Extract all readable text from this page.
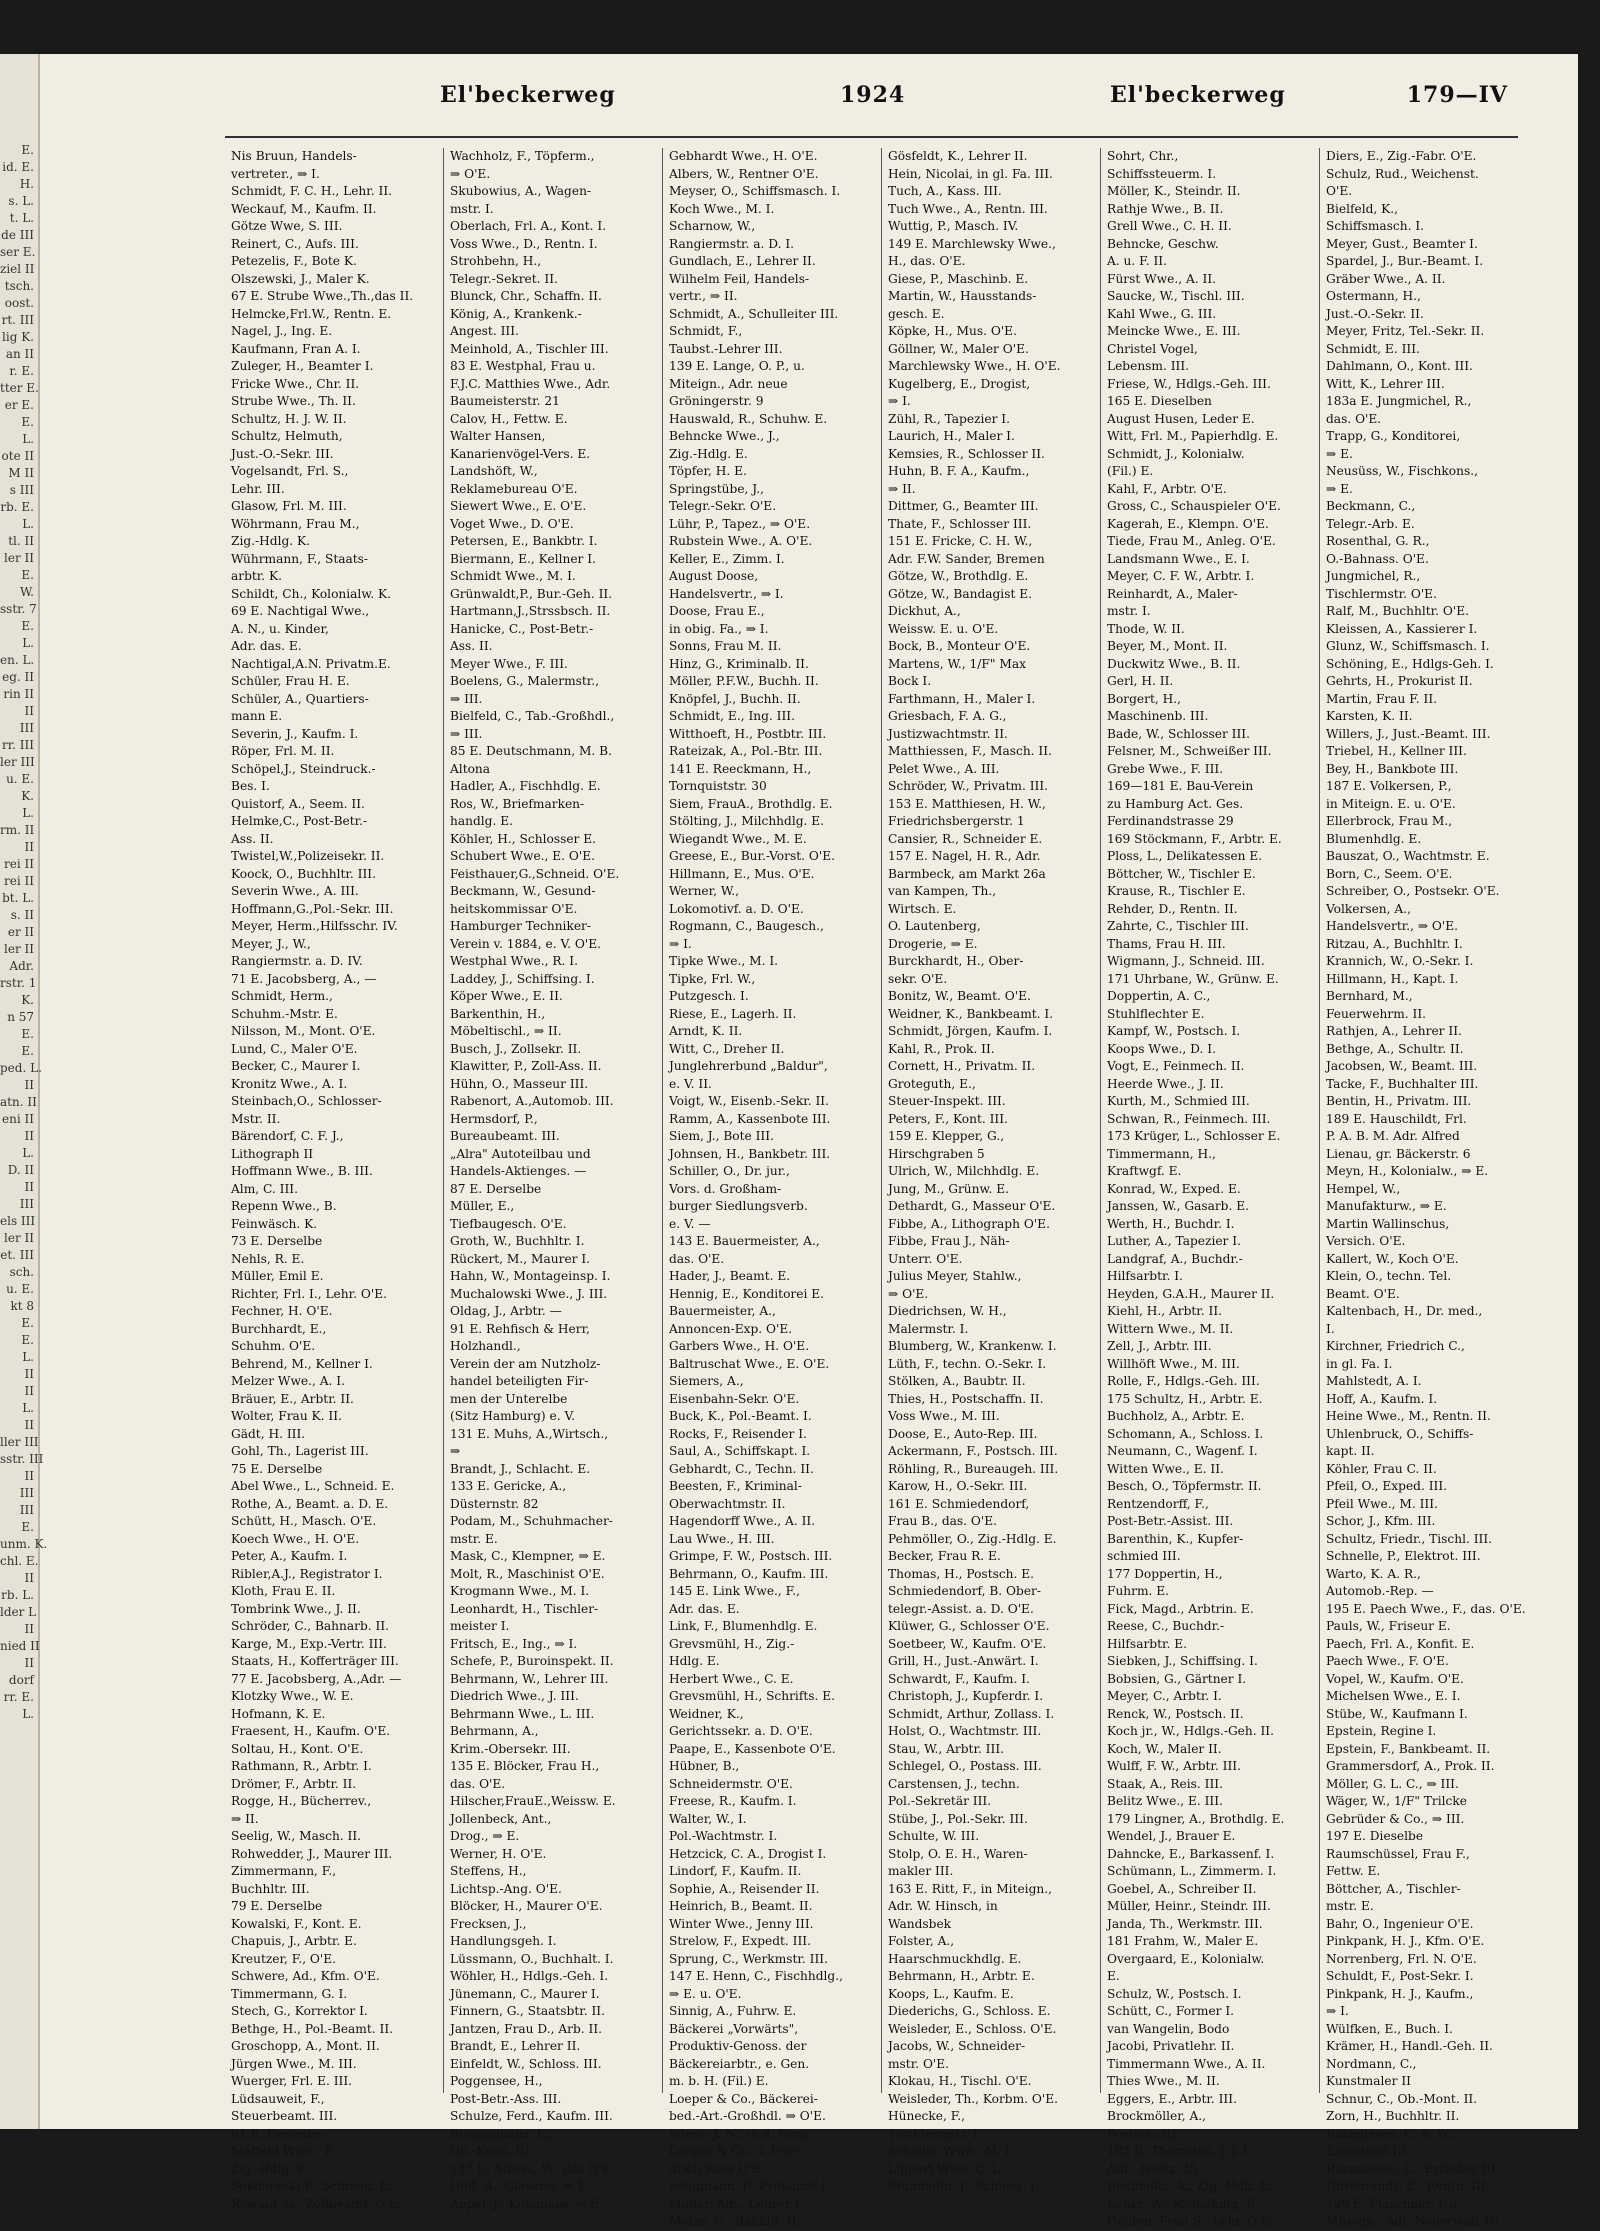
E.
id. E.
H.
s. L.
t. L.
de III
ser E.
ziel II
tsch.
oost.
rt. III
lig K.
an II
r. E.
tter E.
er E.
E.
L.
ote II
M II
s III
rb. E.
L.
tl. II
ler II
E.
W.
sstr. 7
E.
L.
en. L.
eg. II
rin II
II
III
rr. III
ler III
u. E.
K.
L.
rm. II
II
rei II
rei II
bt. L.
s. II
er II
ler II
Adr.
rstr. 1
K.
n 57
E.
E.
ped. L.
II
atn. II
eni II
II
L.
D. II
II
III
els III
ler II
et. III
sch.
u. E.
kt 8
E.
E.
L.
II
II
L.
II
ller III
sstr. III
II
III
III
E.
unm. K.
chl. E.
II
rb. L.
lder L
II
nied II
II
dorf
rr. E.
L.
El'beckerweg	1924	El'beckerweg	179—IV
Nis Bruun, Handels-
vertreter., ⇒ I.
Schmidt, F. C. H., Lehr. II.
Weckauf, M., Kaufm. II.
Götze Wwe, S. III.
Reinert, C., Aufs. III.
Petezelis, F., Bote K.
Olszewski, J., Maler K.
67 E. Strube Wwe.,Th.,das II.
Helmcke,Frl.W., Rentn. E.
Nagel, J., Ing. E.
Kaufmann, Fran A. I.
Zuleger, H., Beamter I.
Fricke Wwe., Chr. II.
Strube Wwe., Th. II.
Schultz, H. J. W. II.
Schultz, Helmuth,
Just.-O.-Sekr. III.
Vogelsandt, Frl. S.,
Lehr. III.
Glasow, Frl. M. III.
Wöhrmann, Frau M.,
Zig.-Hdlg. K.
Wührmann, F., Staats-
arbtr. K.
Schildt, Ch., Kolonialw. K.
69 E. Nachtigal Wwe.,
A. N., u. Kinder,
Adr. das. E.
Nachtigal,A.N. Privatm.E.
Schüler, Frau H. E.
Schüler, A., Quartiers-
mann E.
Severin, J., Kaufm. I.
Röper, Frl. M. II.
Schöpel,J., Steindruck.-
Bes. I.
Quistorf, A., Seem. II.
Helmke,C., Post-Betr.-
Ass. II.
Twistel,W.,Polizeisekr. II.
Koock, O., Buchhltr. III.
Severin Wwe., A. III.
Hoffmann,G.,Pol.-Sekr. III.
Meyer, Herm.,Hilfsschr. IV.
Meyer, J., W.,
Rangiermstr. a. D. IV.
71 E. Jacobsberg, A., —
Schmidt, Herm.,
Schuhm.-Mstr. E.
Nilsson, M., Mont. O'E.
Lund, C., Maler O'E.
Becker, C., Maurer I.
Kronitz Wwe., A. I.
Steinbach,O., Schlosser-
Mstr. II.
Bärendorf, C. F. J.,
Lithograph II
Hoffmann Wwe., B. III.
Alm, C. III.
Repenn Wwe., B.
Feinwäsch. K.
73 E. Derselbe
Nehls, R. E.
Müller, Emil E.
Richter, Frl. I., Lehr. O'E.
Fechner, H. O'E.
Burchhardt, E.,
Schuhm. O'E.
Behrend, M., Kellner I.
Melzer Wwe., A. I.
Bräuer, E., Arbtr. II.
Wolter, Frau K. II.
Gädt, H. III.
Gohl, Th., Lagerist III.
75 E. Derselbe
Abel Wwe., L., Schneid. E.
Rothe, A., Beamt. a. D. E.
Schütt, H., Masch. O'E.
Koech Wwe., H. O'E.
Peter, A., Kaufm. I.
Ribler,A.J., Registrator I.
Kloth, Frau E. II.
Tombrink Wwe., J. II.
Schröder, C., Bahnarb. II.
Karge, M., Exp.-Vertr. III.
Staats, H., Kofferträger III.
77 E. Jacobsberg, A.,Adr. —
Klotzky Wwe., W. E.
Hofmann, K. E.
Fraesent, H., Kaufm. O'E.
Soltau, H., Kont. O'E.
Rathmann, R., Arbtr. I.
Drömer, F., Arbtr. II.
Rogge, H., Bücherrev.,
⇒ II.
Seelig, W., Masch. II.
Rohwedder, J., Maurer III.
Zimmermann, F.,
Buchhltr. III.
79 E. Derselbe
Kowalski, F., Kont. E.
Chapuis, J., Arbtr. E.
Kreutzer, F., O'E.
Schwere, Ad., Kfm. O'E.
Timmermann, G. I.
Stech, G., Korrektor I.
Bethge, H., Pol.-Beamt. II.
Groschopp, A., Mont. II.
Jürgen Wwe., M. III.
Wuerger, Frl. E. III.
Lüdsauweit, F.,
Steuerbeamt. III.
81 E. Derselbe
Staffeld Wwe., F.,
Zig.-Hdlg. E.
Sokolowski,P., Schneid. E.
Rewald, G., Zollbeamt. O'E.
Wachholz, F., Töpferm.,
⇒ O'E.
Skubowius, A., Wagen-
mstr. I.
Oberlach, Frl. A., Kont. I.
Voss Wwe., D., Rentn. I.
Strohbehn, H.,
Telegr.-Sekret. II.
Blunck, Chr., Schaffn. II.
König, A., Krankenk.-
Angest. III.
Meinhold, A., Tischler III.
83 E. Westphal, Frau u.
F.J.C. Matthies Wwe., Adr.
Baumeisterstr. 21
Calov, H., Fettw. E.
Walter Hansen,
Kanarienvögel-Vers. E.
Landshöft, W.,
Reklamebureau O'E.
Siewert Wwe., E. O'E.
Voget Wwe., D. O'E.
Petersen, E., Bankbtr. I.
Biermann, E., Kellner I.
Schmidt Wwe., M. I.
Grünwaldt,P., Bur.-Geh. II.
Hartmann,J.,Strssbsch. II.
Hanicke, C., Post-Betr.-
Ass. II.
Meyer Wwe., F. III.
Boelens, G., Malermstr.,
⇒ III.
Bielfeld, C., Tab.-Großhdl.,
⇒ III.
85 E. Deutschmann, M. B.
Altona
Hadler, A., Fischhdlg. E.
Ros, W., Briefmarken-
handlg. E.
Köhler, H., Schlosser E.
Schubert Wwe., E. O'E.
Feisthauer,G.,Schneid. O'E.
Beckmann, W., Gesund-
heitskommissar O'E.
Hamburger Techniker-
Verein v. 1884, e. V. O'E.
Westphal Wwe., R. I.
Laddey, J., Schiffsing. I.
Köper Wwe., E. II.
Barkenthin, H.,
Möbeltischl., ⇒ II.
Busch, J., Zollsekr. II.
Klawitter, P., Zoll-Ass. II.
Hühn, O., Masseur III.
Rabenort, A.,Automob. III.
Hermsdorf, P.,
Bureaubeamt. III.
„Alra" Autoteilbau und
Handels-Aktienges. —
87 E. Derselbe
Müller, E.,
Tiefbaugesch. O'E.
Groth, W., Buchhltr. I.
Rückert, M., Maurer I.
Hahn, W., Montageinsp. I.
Muchalowski Wwe., J. III.
Oldag, J., Arbtr. —
91 E. Rehfisch & Herr,
Holzhandl.,
Verein der am Nutzholz-
handel beteiligten Fir-
men der Unterelbe
(Sitz Hamburg) e. V.
131 E. Muhs, A.,Wirtsch.,
⇒
Brandt, J., Schlacht. E.
133 E. Gericke, A.,
Düsternstr. 82
Podam, M., Schuhmacher-
mstr. E.
Mask, C., Klempner, ⇒ E.
Molt, R., Maschinist O'E.
Krogmann Wwe., M. I.
Leonhardt, H., Tischler-
meister I.
Fritsch, E., Ing., ⇒ I.
Schefe, P., Buroinspekt. II.
Behrmann, W., Lehrer III.
Diedrich Wwe., J. III.
Behrmann Wwe., L. III.
Behrmann, A.,
Krim.-Obersekr. III.
135 E. Blöcker, Frau H.,
das. O'E.
Hilscher,FrauE.,Weissw. E.
Jollenbeck, Ant.,
Drog., ⇒ E.
Werner, H. O'E.
Steffens, H.,
Lichtsp.-Ang. O'E.
Blöcker, H., Maurer O'E.
Frecksen, J.,
Handlungsgeh. I.
Lüssmann, O., Buchhalt. I.
Wöhler, H., Hdlgs.-Geh. I.
Jünemann, C., Maurer I.
Finnern, G., Staatsbtr. II.
Jantzen, Frau D., Arb. II.
Brandt, E., Lehrer II.
Einfeldt, W., Schloss. III.
Poggensee, H.,
Post-Betr.-Ass. III.
Schulze, Ferd., Kaufm. III.
Brüninghaus, L.,
Ob.-Kelln. III.
137 E. Albers, W., das O'E.
Hoff, A., Glaserei, ⇒ E.
Appel, J., Kolonialw. ⇒ E.
Gebhardt Wwe., H. O'E.
Albers, W., Rentner O'E.
Meyser, O., Schiffsmasch. I.
Koch Wwe., M. I.
Scharnow, W.,
Rangiermstr. a. D. I.
Gundlach, E., Lehrer II.
Wilhelm Feil, Handels-
vertr., ⇒ II.
Schmidt, A., Schulleiter III.
Schmidt, F.,
Taubst.-Lehrer III.
139 E. Lange, O. P., u.
Miteign., Adr. neue
Gröningerstr. 9
Hauswald, R., Schuhw. E.
Behncke Wwe., J.,
Zig.-Hdlg. E.
Töpfer, H. E.
Springstübe, J.,
Telegr.-Sekr. O'E.
Lühr, P., Tapez., ⇒ O'E.
Rubstein Wwe., A. O'E.
Keller, E., Zimm. I.
August Doose,
Handelsvertr., ⇒ I.
Doose, Frau E.,
in obig. Fa., ⇒ I.
Sonns, Frau M. II.
Hinz, G., Kriminalb. II.
Möller, P.F.W., Buchh. II.
Knöpfel, J., Buchh. II.
Schmidt, E., Ing. III.
Witthoeft, H., Postbtr. III.
Rateizak, A., Pol.-Btr. III.
141 E. Reeckmann, H.,
Tornquiststr. 30
Siem, FrauA., Brothdlg. E.
Stölting, J., Milchhdlg. E.
Wiegandt Wwe., M. E.
Greese, E., Bur.-Vorst. O'E.
Hillmann, E., Mus. O'E.
Werner, W.,
Lokomotivf. a. D. O'E.
Rogmann, C., Baugesch.,
⇒ I.
Tipke Wwe., M. I.
Tipke, Frl. W.,
Putzgesch. I.
Riese, E., Lagerh. II.
Arndt, K. II.
Witt, C., Dreher II.
Junglehrerbund „Baldur",
e. V. II.
Voigt, W., Eisenb.-Sekr. II.
Ramm, A., Kassenbote III.
Siem, J., Bote III.
Johnsen, H., Bankbetr. III.
Schiller, O., Dr. jur.,
Vors. d. Großham-
burger Siedlungsverb.
e. V. —
143 E. Bauermeister, A.,
das. O'E.
Hader, J., Beamt. E.
Hennig, E., Konditorei E.
Bauermeister, A.,
Annoncen-Exp. O'E.
Garbers Wwe., H. O'E.
Baltruschat Wwe., E. O'E.
Siemers, A.,
Eisenbahn-Sekr. O'E.
Buck, K., Pol.-Beamt. I.
Rocks, F., Reisender I.
Saul, A., Schiffskapt. I.
Gebhardt, C., Techn. II.
Beesten, F., Kriminal-
Oberwachtmstr. II.
Hagendorff Wwe., A. II.
Lau Wwe., H. III.
Grimpe, F. W., Postsch. III.
Behrmann, O., Kaufm. III.
145 E. Link Wwe., F.,
Adr. das. E.
Link, F., Blumenhdlg. E.
Grevsmühl, H., Zig.-
Hdlg. E.
Herbert Wwe., C. E.
Grevsmühl, H., Schrifts. E.
Weidner, K.,
Gerichtssekr. a. D. O'E.
Paape, E., Kassenbote O'E.
Hübner, B.,
Schneidermstr. O'E.
Freese, R., Kaufm. I.
Walter, W., I.
Pol.-Wachtmstr. I.
Hetzcick, C. A., Drogist I.
Lindorf, F., Kaufm. II.
Sophie, A., Reisender II.
Heinrich, B., Beamt. II.
Winter Wwe., Jenny III.
Strelow, F., Expedt. III.
Sprung, C., Werkmstr. III.
147 E. Henn, C., Fischhdlg.,
⇒ E. u. O'E.
Sinnig, A., Fuhrw. E.
Bäckerei „Vorwärts",
Produktiv-Genoss. der
Bäckereiarbtr., e. Gen.
m. b. H. (Fil.) E.
Loeper & Co., Bäckerei-
bed.-Art.-Großhdl. ⇒ O'E.
Wiese, J. N., in d. Firm.
Loeper & Co. u. Frie-
drich Ross O'E.
Seligmann, P., Prokurist I.
Müller, Alb., Lehrer I.
Meins, C., Bankbt. II.
Gösfeldt, K., Lehrer II.
Hein, Nicolai, in gl. Fa. III.
Tuch, A., Kass. III.
Tuch Wwe., A., Rentn. III.
Wuttig, P., Masch. IV.
149 E. Marchlewsky Wwe.,
H., das. O'E.
Giese, P., Maschinb. E.
Martin, W., Hausstands-
gesch. E.
Köpke, H., Mus. O'E.
Göllner, W., Maler O'E.
Marchlewsky Wwe., H. O'E.
Kugelberg, E., Drogist,
⇒ I.
Zühl, R., Tapezier I.
Laurich, H., Maler I.
Kemsies, R., Schlosser II.
Huhn, B. F. A., Kaufm.,
⇒ II.
Dittmer, G., Beamter III.
Thate, F., Schlosser III.
151 E. Fricke, C. H. W.,
Adr. F.W. Sander, Bremen
Götze, W., Brothdlg. E.
Götze, W., Bandagist E.
Dickhut, A.,
Weissw. E. u. O'E.
Bock, B., Monteur O'E.
Martens, W., 1/F" Max
Bock I.
Farthmann, H., Maler I.
Griesbach, F. A. G.,
Justizwachtmstr. II.
Matthiessen, F., Masch. II.
Pelet Wwe., A. III.
Schröder, W., Privatm. III.
153 E. Matthiesen, H. W.,
Friedrichsbergerstr. 1
Cansier, R., Schneider E.
157 E. Nagel, H. R., Adr.
Barmbeck, am Markt 26a
van Kampen, Th.,
Wirtsch. E.
O. Lautenberg,
Drogerie, ⇒ E.
Burckhardt, H., Ober-
sekr. O'E.
Bonitz, W., Beamt. O'E.
Weidner, K., Bankbeamt. I.
Schmidt, Jörgen, Kaufm. I.
Kahl, R., Prok. II.
Cornett, H., Privatm. II.
Groteguth, E.,
Steuer-Inspekt. III.
Peters, F., Kont. III.
159 E. Klepper, G.,
Hirschgraben 5
Ulrich, W., Milchhdlg. E.
Jung, M., Grünw. E.
Dethardt, G., Masseur O'E.
Fibbe, A., Lithograph O'E.
Fibbe, Frau J., Näh-
Unterr. O'E.
Julius Meyer, Stahlw.,
⇒ O'E.
Diedrichsen, W. H.,
Malermstr. I.
Blumberg, W., Krankenw. I.
Lüth, F., techn. O.-Sekr. I.
Stölken, A., Baubtr. II.
Thies, H., Postschaffn. II.
Voss Wwe., M. III.
Doose, E., Auto-Rep. III.
Ackermann, F., Postsch. III.
Röhling, R., Bureaugeh. III.
Karow, H., O.-Sekr. III.
161 E. Schmiedendorf,
Frau B., das. O'E.
Pehmöller, O., Zig.-Hdlg. E.
Becker, Frau R. E.
Thomas, H., Postsch. E.
Schmiedendorf, B. Ober-
telegr.-Assist. a. D. O'E.
Klüwer, G., Schlosser O'E.
Soetbeer, W., Kaufm. O'E.
Grill, H., Just.-Anwärt. I.
Schwardt, F., Kaufm. I.
Christoph, J., Kupferdr. I.
Schmidt, Arthur, Zollass. I.
Holst, O., Wachtmstr. III.
Stau, W., Arbtr. III.
Schlegel, O., Postass. III.
Carstensen, J., techn.
Pol.-Sekretär III.
Stübe, J., Pol.-Sekr. III.
Schulte, W. III.
Stolp, O. E. H., Waren-
makler III.
163 E. Ritt, F., in Miteign.,
Adr. W. Hinsch, in
Wandsbek
Folster, A.,
Haarschmuckhdlg. E.
Behrmann, H., Arbtr. E.
Koops, L., Kaufm. E.
Diederichs, G., Schloss. E.
Weisleder, E., Schloss. O'E.
Jacobs, W., Schneider-
mstr. O'E.
Klokau, H., Tischl. O'E.
Weisleder, Th., Korbm. O'E.
Hünecke, F.,
Tischlermstr. I.
Scheller Wwe., M. I.
Lippert Wwe. C. I.
Stumhofer, J., Schloss. I.
Sohrt, Chr.,
Schiffssteuerm. I.
Möller, K., Steindr. II.
Rathje Wwe., B. II.
Grell Wwe., C. H. II.
Behncke, Geschw.
A. u. F. II.
Fürst Wwe., A. II.
Saucke, W., Tischl. III.
Kahl Wwe., G. III.
Meincke Wwe., E. III.
Christel Vogel,
Lebensm. III.
Friese, W., Hdlgs.-Geh. III.
165 E. Dieselben
August Husen, Leder E.
Witt, Frl. M., Papierhdlg. E.
Schmidt, J., Kolonialw.
(Fil.) E.
Kahl, F., Arbtr. O'E.
Gross, C., Schauspieler O'E.
Kagerah, E., Klempn. O'E.
Tiede, Frau M., Anleg. O'E.
Landsmann Wwe., E. I.
Meyer, C. F. W., Arbtr. I.
Reinhardt, A., Maler-
mstr. I.
Thode, W. II.
Beyer, M., Mont. II.
Duckwitz Wwe., B. II.
Gerl, H. II.
Borgert, H.,
Maschinenb. III.
Bade, W., Schlosser III.
Felsner, M., Schweißer III.
Grebe Wwe., F. III.
169—181 E. Bau-Verein
zu Hamburg Act. Ges.
Ferdinandstrasse 29
169 Stöckmann, F., Arbtr. E.
Ploss, L., Delikatessen E.
Böttcher, W., Tischler E.
Krause, R., Tischler E.
Rehder, D., Rentn. II.
Zahrte, C., Tischler III.
Thams, Frau H. III.
Wigmann, J., Schneid. III.
171 Uhrbane, W., Grünw. E.
Doppertin, A. C.,
Stuhlflechter E.
Kampf, W., Postsch. I.
Koops Wwe., D. I.
Vogt, E., Feinmech. II.
Heerde Wwe., J. II.
Kurth, M., Schmied III.
Schwan, R., Feinmech. III.
173 Krüger, L., Schlosser E.
Timmermann, H.,
Kraftwgf. E.
Konrad, W., Exped. E.
Janssen, W., Gasarb. E.
Werth, H., Buchdr. I.
Luther, A., Tapezier I.
Landgraf, A., Buchdr.-
Hilfsarbtr. I.
Heyden, G.A.H., Maurer II.
Kiehl, H., Arbtr. II.
Wittern Wwe., M. II.
Zell, J., Arbtr. III.
Willhöft Wwe., M. III.
Rolle, F., Hdlgs.-Geh. III.
175 Schultz, H., Arbtr. E.
Buchholz, A., Arbtr. E.
Schomann, A., Schloss. I.
Neumann, C., Wagenf. I.
Witten Wwe., E. II.
Besch, O., Töpfermstr. II.
Rentzendorff, F.,
Post-Betr.-Assist. III.
Barenthin, K., Kupfer-
schmied III.
177 Doppertin, H.,
Fuhrm. E.
Fick, Magd., Arbtrin. E.
Reese, C., Buchdr.-
Hilfsarbtr. E.
Siebken, J., Schiffsing. I.
Bobsien, G., Gärtner I.
Meyer, C., Arbtr. I.
Renck, W., Postsch. II.
Koch jr., W., Hdlgs.-Geh. II.
Koch, W., Maler II.
Wulff, F. W., Arbtr. III.
Staak, A., Reis. III.
Belitz Wwe., E. III.
179 Lingner, A., Brothdlg. E.
Wendel, J., Brauer E.
Dahncke, E., Barkassenf. I.
Schümann, L., Zimmerm. I.
Goebel, A., Schreiber II.
Müller, Heinr., Steindr. III.
Janda, Th., Werkmstr. III.
181 Frahm, W., Maler E.
Overgaard, E., Kolonialw.
E.
Schulz, W., Postsch. I.
Schütt, C., Former I.
van Wangelin, Bodo
Jacobi, Privatlehr. II.
Timmermann Wwe., A. II.
Thies Wwe., M. II.
Eggers, E., Arbtr. III.
Brockmöller, A.,
Postsch. III.
183 E. Thomalen, J. J. L.,
Adr.: Isestr. 25
Buchholtz, A., Zig.-Hdlr. E.
Keuer, W., Möbelhdlg. E.
Heiden, Frau S., Lehr. O'E.
Diers, E., Zig.-Fabr. O'E.
Schulz, Rud., Weichenst.
O'E.
Bielfeld, K.,
Schiffsmasch. I.
Meyer, Gust., Beamter I.
Spardel, J., Bur.-Beamt. I.
Gräber Wwe., A. II.
Ostermann, H.,
Just.-O.-Sekr. II.
Meyer, Fritz, Tel.-Sekr. II.
Schmidt, E. III.
Dahlmann, O., Kont. III.
Witt, K., Lehrer III.
183a E. Jungmichel, R.,
das. O'E.
Trapp, G., Konditorei,
⇒ E.
Neusüss, W., Fischkons.,
⇒ E.
Beckmann, C.,
Telegr.-Arb. E.
Rosenthal, G. R.,
O.-Bahnass. O'E.
Jungmichel, R.,
Tischlermstr. O'E.
Ralf, M., Buchhltr. O'E.
Kleissen, A., Kassierer I.
Glunz, W., Schiffsmasch. I.
Schöning, E., Hdlgs-Geh. I.
Gehrts, H., Prokurist II.
Martin, Frau F. II.
Karsten, K. II.
Willers, J., Just.-Beamt. III.
Triebel, H., Kellner III.
Bey, H., Bankbote III.
187 E. Volkersen, P.,
in Miteign. E. u. O'E.
Ellerbrock, Frau M.,
Blumenhdlg. E.
Bauszat, O., Wachtmstr. E.
Born, C., Seem. O'E.
Schreiber, O., Postsekr. O'E.
Volkersen, A.,
Handelsvertr., ⇒ O'E.
Ritzau, A., Buchhltr. I.
Krannich, W., O.-Sekr. I.
Hillmann, H., Kapt. I.
Bernhard, M.,
Feuerwehrm. II.
Rathjen, A., Lehrer II.
Bethge, A., Schultr. II.
Jacobsen, W., Beamt. III.
Tacke, F., Buchhalter III.
Bentin, H., Privatm. III.
189 E. Hauschildt, Frl.
P. A. B. M. Adr. Alfred
Lienau, gr. Bäckerstr. 6
Meyn, H., Kolonialw., ⇒ E.
Hempel, W.,
Manufakturw., ⇒ E.
Martin Wallinschus,
Versich. O'E.
Kallert, W., Koch O'E.
Klein, O., techn. Tel.
Beamt. O'E.
Kaltenbach, H., Dr. med.,
I.
Kirchner, Friedrich C.,
in gl. Fa. I.
Mahlstedt, A. I.
Hoff, A., Kaufm. I.
Heine Wwe., M., Rentn. II.
Uhlenbruck, O., Schiffs-
kapt. II.
Köhler, Frau C. II.
Pfeil, O., Exped. III.
Pfeil Wwe., M. III.
Schor, J., Kfm. III.
Schultz, Friedr., Tischl. III.
Schnelle, P., Elektrot. III.
Warto, K. A. R.,
Automob.-Rep. —
195 E. Paech Wwe., F., das. O'E.
Pauls, W., Friseur E.
Paech, Frl. A., Konfit. E.
Paech Wwe., F. O'E.
Vopel, W., Kaufm. O'E.
Michelsen Wwe., E. I.
Stübe, W., Kaufmann I.
Epstein, Regine I.
Epstein, F., Bankbeamt. II.
Grammersdorf, A., Prok. II.
Möller, G. L. C., ⇒ III.
Wäger, W., 1/F" Trilcke
Gebrüder & Co., ⇒ III.
197 E. Dieselbe
Raumschüssel, Frau F.,
Fettw. E.
Böttcher, A., Tischler-
mstr. E.
Bahr, O., Ingenieur O'E.
Pinkpank, H. J., Kfm. O'E.
Norrenberg, Frl. N. O'E.
Schuldt, F., Post-Sekr. I.
Pinkpank, H. J., Kaufm.,
⇒ I.
Wülfken, E., Buch. I.
Krämer, H., Handl.-Geh. II.
Nordmann, C.,
Kunstmaler II
Schnur, C., Ob.-Mont. II.
Zorn, H., Buchhltr. II.
Rasmussen, C. A. W.,
Expedient III.
Rasmussen, C., Erzieher III.
Dittebrandt, E., Rentn. III.
199 E. Flaschner, J. u.
Miteign., Adr. Neuerwall 46
